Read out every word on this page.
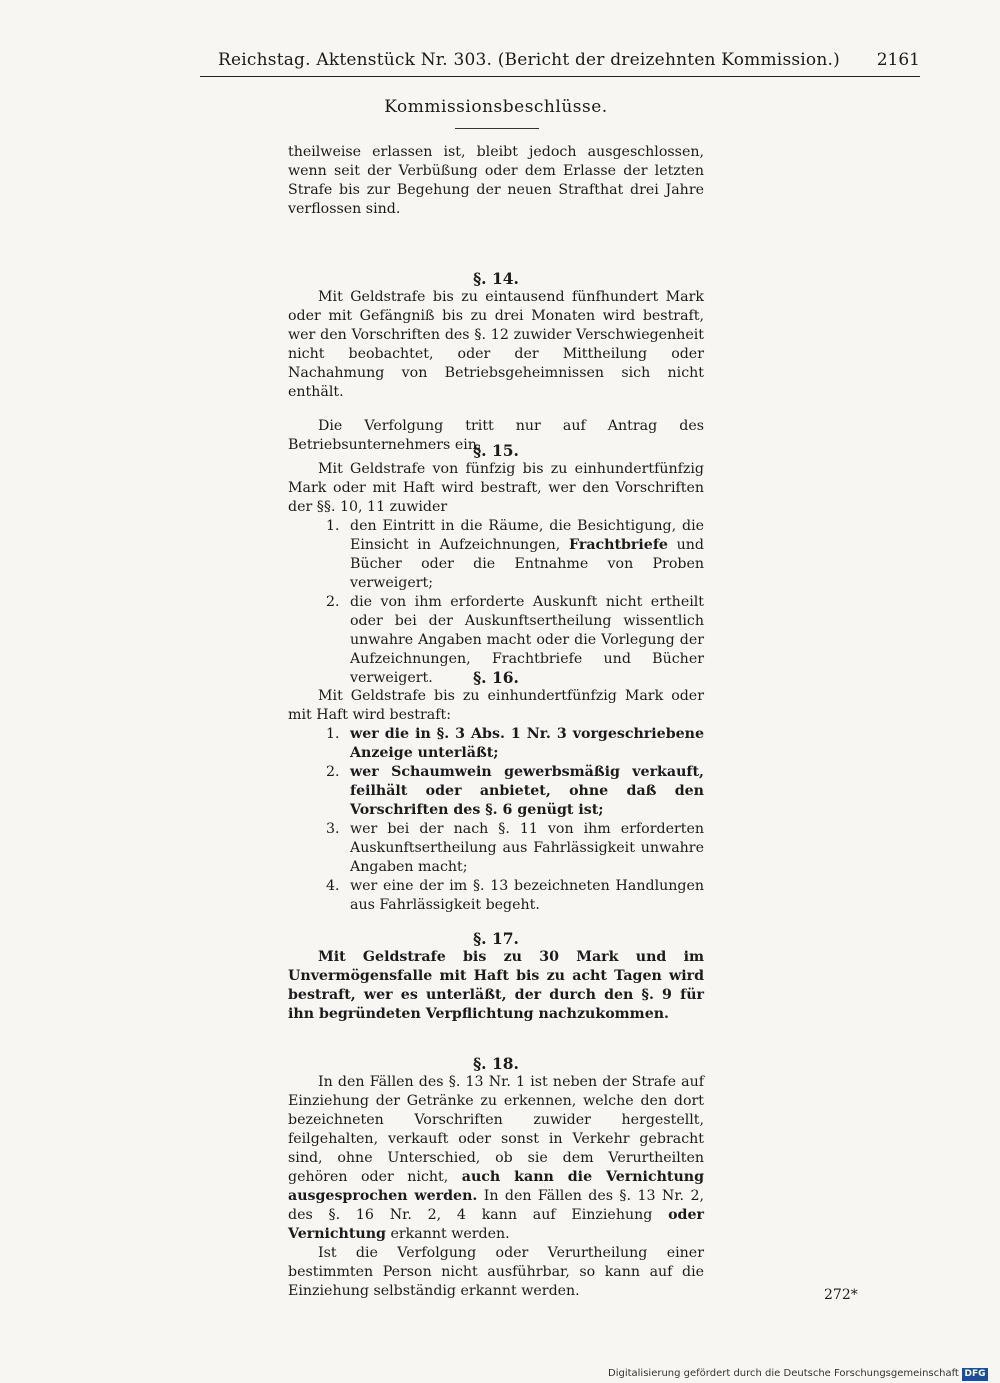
Reichstag. Aktenstück Nr. 303. (Bericht der dreizehnten Kommission.) 2161
Kommissionsbeschlüsse.
theilweise erlassen ist, bleibt jedoch ausgeschlossen, wenn seit der Verbüßung oder dem Erlasse der letzten Strafe bis zur Begehung der neuen Strafthat drei Jahre verflossen sind.
§. 14.
Mit Geldstrafe bis zu eintausend fünfhundert Mark oder mit Gefängniß bis zu drei Monaten wird bestraft, wer den Vorschriften des §. 12 zuwider Verschwiegenheit nicht beobachtet, oder der Mittheilung oder Nachahmung von Betriebsgeheimnissen sich nicht enthält.
Die Verfolgung tritt nur auf Antrag des Betriebsunternehmers ein.
§. 15.
Mit Geldstrafe von fünfzig bis zu einhundertfünfzig Mark oder mit Haft wird bestraft, wer den Vorschriften der §§. 10, 11 zuwider
1. den Eintritt in die Räume, die Besichtigung, die Einsicht in Aufzeichnungen, Frachtbriefe und Bücher oder die Entnahme von Proben verweigert;
2. die von ihm erforderte Auskunft nicht ertheilt oder bei der Auskunftsertheilung wissentlich unwahre Angaben macht oder die Vorlegung der Aufzeichnungen, Frachtbriefe und Bücher verweigert.	§. 16.
Mit Geldstrafe bis zu einhundertfünfzig Mark oder mit Haft wird bestraft:
1. wer die in §. 3 Abs. 1 Nr. 3 vorgeschriebene Anzeige unterläßt;
2. wer Schaumwein gewerbsmäßig verkauft, feilhält oder anbietet, ohne daß den Vorschriften des §. 6 genügt ist;
3. wer bei der nach §. 11 von ihm erforderten Auskunftsertheilung aus Fahrlässigkeit unwahre Angaben macht;
4. wer eine der im §. 13 bezeichneten Handlungen aus Fahrlässigkeit begeht.
§. 17.
Mit Geldstrafe bis zu 30 Mark und im Unvermögensfalle mit Haft bis zu acht Tagen wird bestraft, wer es unterläßt, der durch den §. 9 für ihn begründeten Verpflichtung nachzukommen.
§. 18.
In den Fällen des §. 13 Nr. 1 ist neben der Strafe auf Einziehung der Getränke zu erkennen, welche den dort bezeichneten Vorschriften zuwider hergestellt, feilgehalten, verkauft oder sonst in Verkehr gebracht sind, ohne Unterschied, ob sie dem Verurtheilten gehören oder nicht, auch kann die Vernichtung ausgesprochen werden. In den Fällen des §. 13 Nr. 2, des §. 16 Nr. 2, 4 kann auf Einziehung oder Vernichtung erkannt werden.
Ist die Verfolgung oder Verurtheilung einer bestimmten Person nicht ausführbar, so kann auf die Einziehung selbständig erkannt werden.	272*
Digitalisierung gefördert durch die Deutsche Forschungsgemeinschaft DFG
